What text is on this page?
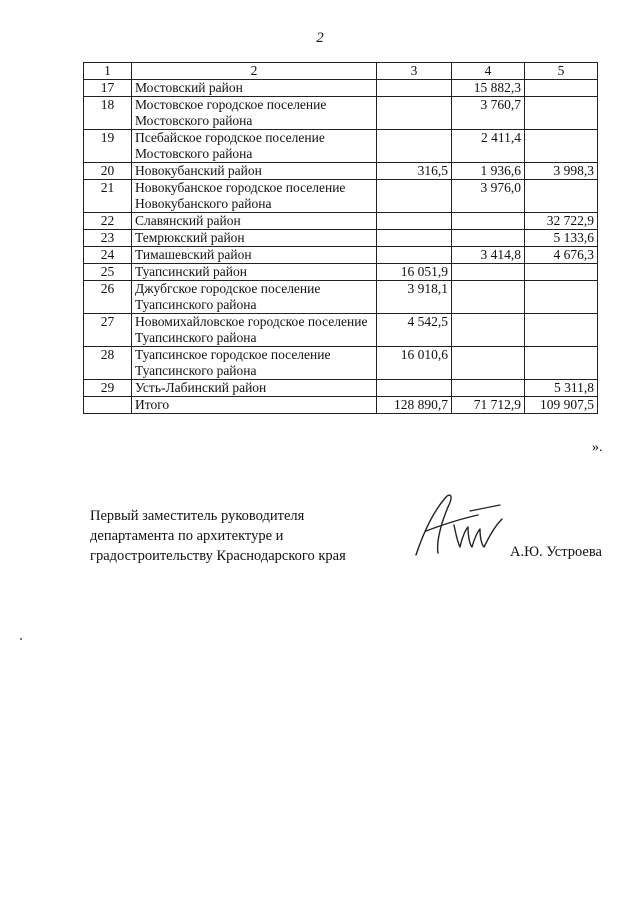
2
1	2	3	4	5
17	Мостовский район		15 882,3	
18	Мостовское городское поселение Мостовского района		3 760,7	
19	Псебайское городское поселение Мостовского района		2 411,4	
20	Новокубанский район	316,5	1 936,6	3 998,3
21	Новокубанское городское поселение Новокубанского района		3 976,0	
22	Славянский район			32 722,9
23	Темрюкский район			5 133,6
24	Тимашевский район		3 414,8	4 676,3
25	Туапсинский район	16 051,9		
26	Джубгское городское поселение Туапсинского района	3 918,1		
27	Новомихайловское городское поселение Туапсинского района	4 542,5		
28	Туапсинское городское поселение Туапсинского района	16 010,6		
29	Усть-Лабинский район			5 311,8
	Итого	128 890,7	71 712,9	109 907,5
».
Первый заместитель руководителя
департамента по архитектуре и
градостроительству Краснодарского края	А.Ю. Устроева
